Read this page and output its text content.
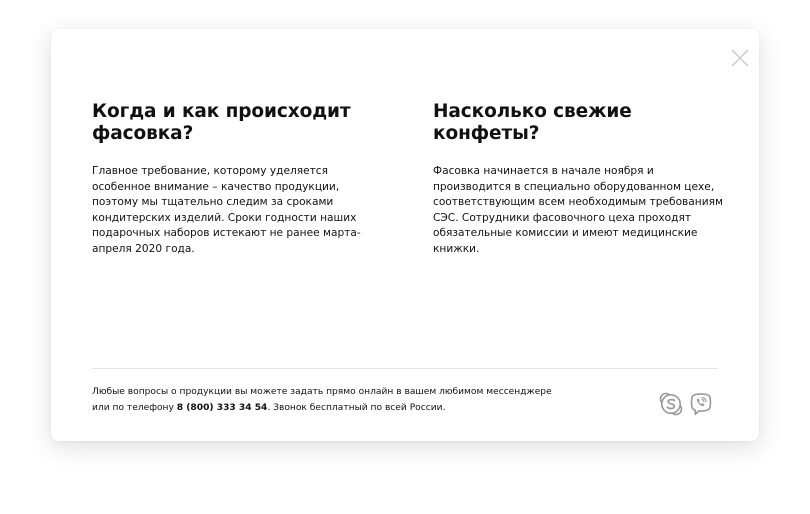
Когда и как происходит фасовка?

Главное требование, которому уделяется особенное внимание – качество продукции, поэтому мы тщательно следим за сроками кондитерских изделий. Сроки годности наших подарочных наборов истекают не ранее марта-апреля 2020 года.

Насколько свежие конфеты?

Фасовка начинается в начале ноября и производится в специально оборудованном цехе, соответствующим всем необходимым требованиям СЭС. Сотрудники фасовочного цеха проходят обязательные комиссии и имеют медицинские книжки.

Любые вопросы о продукции вы можете задать прямо онлайн в вашем любимом мессенджере или по телефону 8 (800) 333 34 54. Звонок бесплатный по всей России.
